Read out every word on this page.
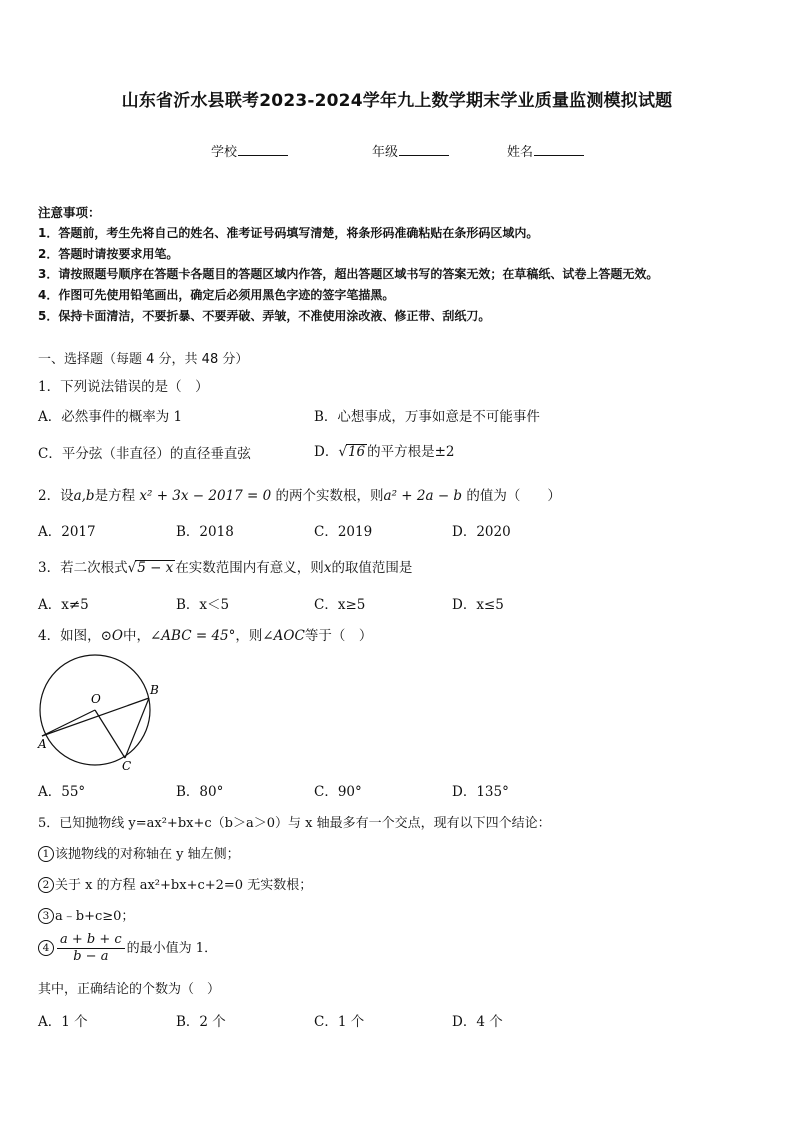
山东省沂水县联考2023-2024学年九上数学期末学业质量监测模拟试题
学校	年级	姓名
注意事项：
1．答题前，考生先将自己的姓名、准考证号码填写清楚，将条形码准确粘贴在条形码区域内。
2．答题时请按要求用笔。
3．请按照题号顺序在答题卡各题目的答题区域内作答，超出答题区域书写的答案无效；在草稿纸、试卷上答题无效。
4．作图可先使用铅笔画出，确定后必须用黑色字迹的签字笔描黑。
5．保持卡面清洁，不要折暴、不要弄破、弄皱，不准使用涂改液、修正带、刮纸刀。
一、选择题（每题 4 分，共 48 分）
1．下列说法错误的是（　）
A．必然事件的概率为 1	B．心想事成，万事如意是不可能事件
C．平分弦（非直径）的直径垂直弦	D．√16 的平方根是±2
2．设a,b是方程 x² + 3x − 2017 = 0 的两个实数根，则a² + 2a − b 的值为（　　）
A．2017	B．2018	C．2019	D．2020
3．若二次根式√5 − x 在实数范围内有意义，则x的取值范围是
A．x≠5	B．x＜5	C．x≥5	D．x≤5
4．如图，⊙O中，∠ABC = 45°，则∠AOC等于（　）
O
B
A
C
A．55°	B．80°	C．90°	D．135°
5．已知抛物线 y=ax²+bx+c（b＞a＞0）与 x 轴最多有一个交点，现有以下四个结论：
1 该抛物线的对称轴在 y 轴左侧；
2 关于 x 的方程 ax²+bx+c+2=0 无实数根；
3 a﹣b+c≥0；
$4 \frac{a + b + c}{b - a}$ 的最小值为 1．
其中，正确结论的个数为（　）
A．1 个	B．2 个	C．1 个	D．4 个
